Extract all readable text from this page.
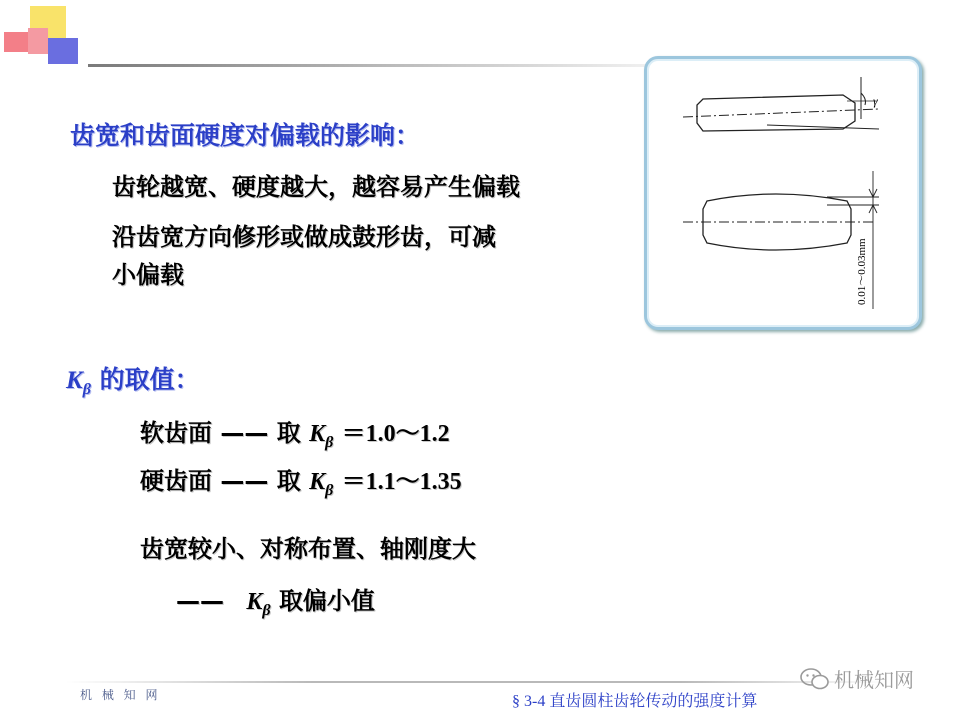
齿宽和齿面硬度对偏载的影响：
齿轮越宽、硬度越大，越容易产生偏载
沿齿宽方向修形或做成鼓形齿，可减
小偏载
γ
0.01～0.03mm
$K_\beta$ 的取值：
软齿面 —— 取 $K_\beta$ ＝1.0～1.2
硬齿面 —— 取 $K_\beta$ ＝1.1～1.35
齿宽较小、对称布置、轴刚度大
—— $K_\beta$ 取偏小值
机 械 知 网	§ 3-4 直齿圆柱齿轮传动的强度计算
机械知网
